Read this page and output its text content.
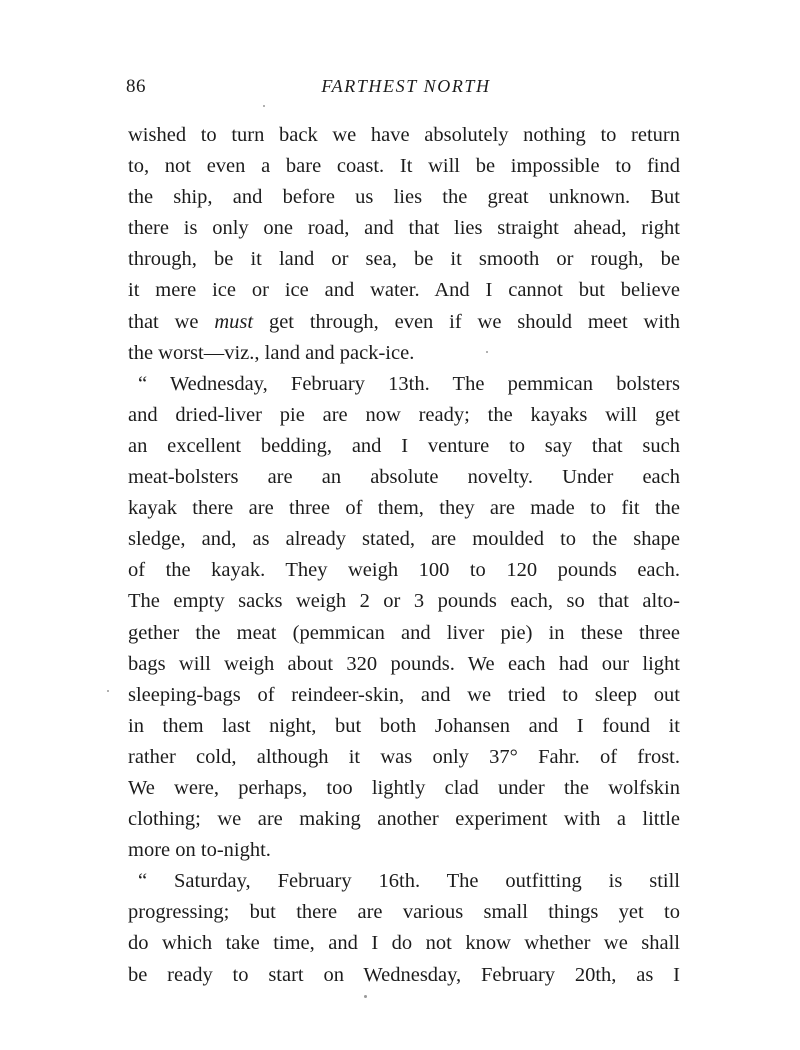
86	FARTHEST NORTH
wished to turn back we have absolutely nothing to return
to, not even a bare coast. It will be impossible to find
the ship, and before us lies the great unknown. But
there is only one road, and that lies straight ahead, right
through, be it land or sea, be it smooth or rough, be
it mere ice or ice and water. And I cannot but believe
that we must get through, even if we should meet with
the worst—viz., land and pack-ice.
“ Wednesday, February 13th. The pemmican bolsters
and dried-liver pie are now ready; the kayaks will get
an excellent bedding, and I venture to say that such
meat-bolsters are an absolute novelty. Under each
kayak there are three of them, they are made to fit the
sledge, and, as already stated, are moulded to the shape
of the kayak. They weigh 100 to 120 pounds each.
The empty sacks weigh 2 or 3 pounds each, so that alto-
gether the meat (pemmican and liver pie) in these three
bags will weigh about 320 pounds. We each had our light
sleeping-bags of reindeer-skin, and we tried to sleep out
in them last night, but both Johansen and I found it
rather cold, although it was only 37° Fahr. of frost.
We were, perhaps, too lightly clad under the wolfskin
clothing; we are making another experiment with a little
more on to-night.
“ Saturday, February 16th. The outfitting is still
progressing; but there are various small things yet to
do which take time, and I do not know whether we shall
be ready to start on Wednesday, February 20th, as I
